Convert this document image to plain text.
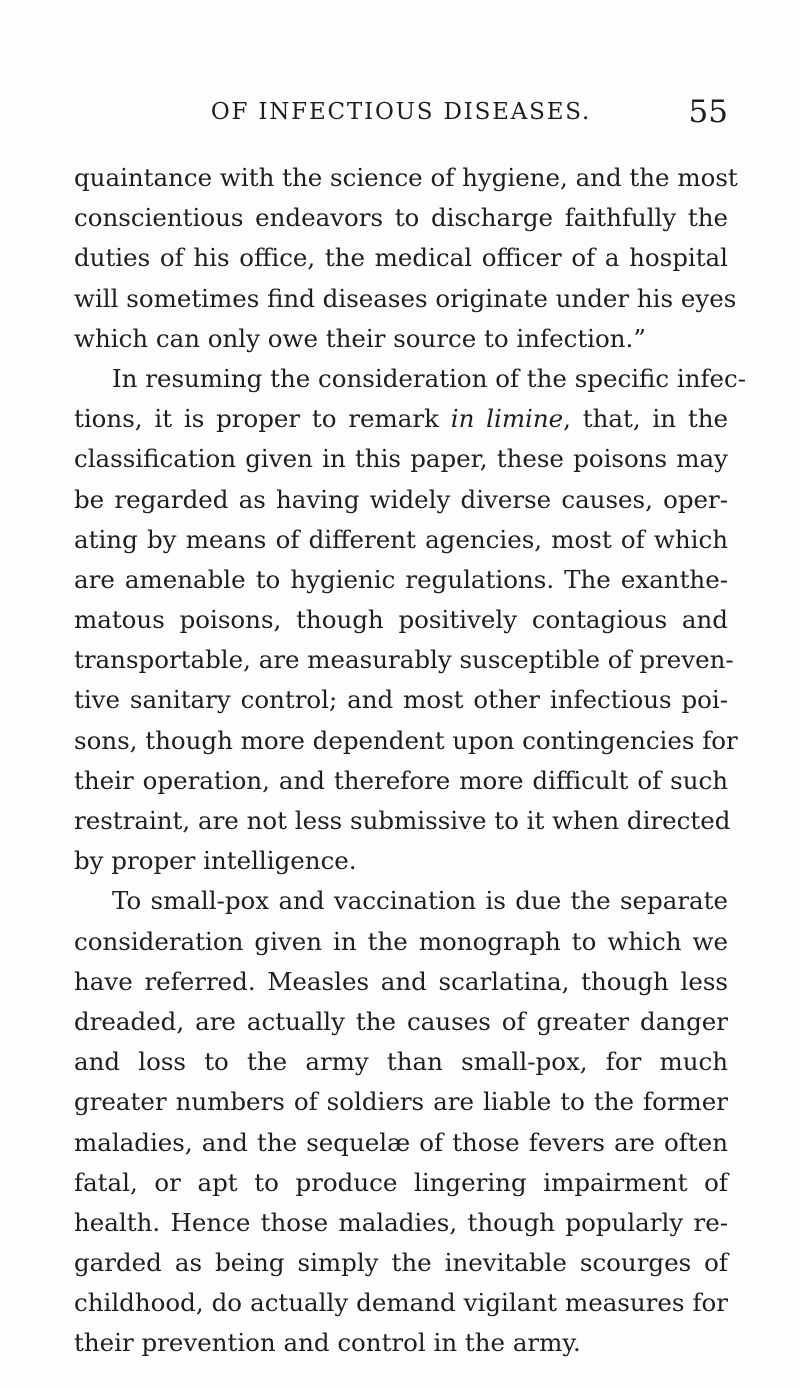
OF INFECTIOUS DISEASES.	55
quaintance with the science of hygiene, and the most
conscientious endeavors to discharge faithfully the
duties of his office, the medical officer of a hospital
will sometimes find diseases originate under his eyes
which can only owe their source to infection.”
In resuming the consideration of the specific infec-
tions, it is proper to remark in limine, that, in the
classification given in this paper, these poisons may
be regarded as having widely diverse causes, oper-
ating by means of different agencies, most of which
are amenable to hygienic regulations. The exanthe-
matous poisons, though positively contagious and
transportable, are measurably susceptible of preven-
tive sanitary control; and most other infectious poi-
sons, though more dependent upon contingencies for
their operation, and therefore more difficult of such
restraint, are not less submissive to it when directed
by proper intelligence.
To small-pox and vaccination is due the separate
consideration given in the monograph to which we
have referred. Measles and scarlatina, though less
dreaded, are actually the causes of greater danger
and loss to the army than small-pox, for much
greater numbers of soldiers are liable to the former
maladies, and the sequelæ of those fevers are often
fatal, or apt to produce lingering impairment of
health. Hence those maladies, though popularly re-
garded as being simply the inevitable scourges of
childhood, do actually demand vigilant measures for
their prevention and control in the army.
